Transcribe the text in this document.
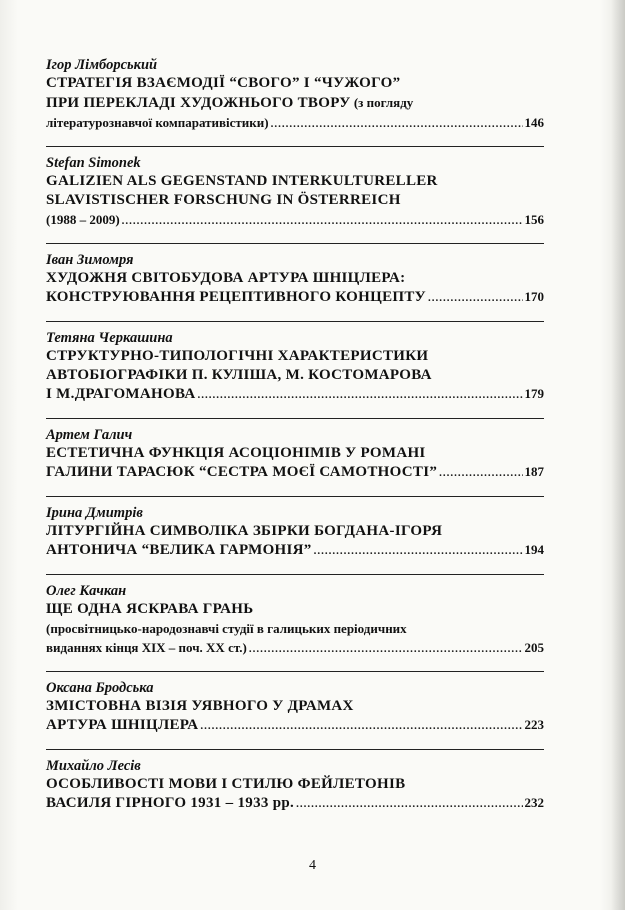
Ігор Лімборський
СТРАТЕГІЯ ВЗАЄМОДІЇ “СВОГО” І “ЧУЖОГО”
ПРИ ПЕРЕКЛАДІ ХУДОЖНЬОГО ТВОРУ (з погляду
літературознавчої компаративістики) .....	146
Stefan Simonek
GALIZIEN ALS GEGENSTAND INTERKULTURELLER
SLAVISTISCHER FORSCHUNG IN ÖSTERREICH
(1988 – 2009) .....	156
Іван Зимомря
ХУДОЖНЯ СВІТОБУДОВА АРТУРА ШНІЦЛЕРА:
КОНСТРУЮВАННЯ РЕЦЕПТИВНОГО КОНЦЕПТУ .....	170
Тетяна Черкашина
СТРУКТУРНО-ТИПОЛОГІЧНІ ХАРАКТЕРИСТИКИ
АВТОБІОГРАФІКИ П. КУЛІША, М. КОСТОМАРОВА
І М.ДРАГОМАНОВА .....	179
Артем Галич
ЕСТЕТИЧНА ФУНКЦІЯ АСОЦІОНІМІВ У РОМАНІ
ГАЛИНИ ТАРАСЮК “СЕСТРА МОЄЇ САМОТНОСТІ” .....	187
Ірина Дмитрів
ЛІТУРГІЙНА СИМВОЛІКА ЗБІРКИ БОГДАНА-ІГОРЯ
АНТОНИЧА “ВЕЛИКА ГАРМОНІЯ” .....	194
Олег Качкан
ЩЕ ОДНА ЯСКРАВА ГРАНЬ
(просвітницько-народознавчі студії в галицьких періодичних
виданнях кінця XIX – поч. XX ст.) .....	205
Оксана Бродська
ЗМІСТОВНА ВІЗІЯ УЯВНОГО У ДРАМАХ
АРТУРА ШНІЦЛЕРА .....	223
Михайло Лесів
ОСОБЛИВОСТІ МОВИ І СТИЛЮ ФЕЙЛЕТОНІВ
ВАСИЛЯ ГІРНОГО 1931 – 1933 рр. .....	232
4
